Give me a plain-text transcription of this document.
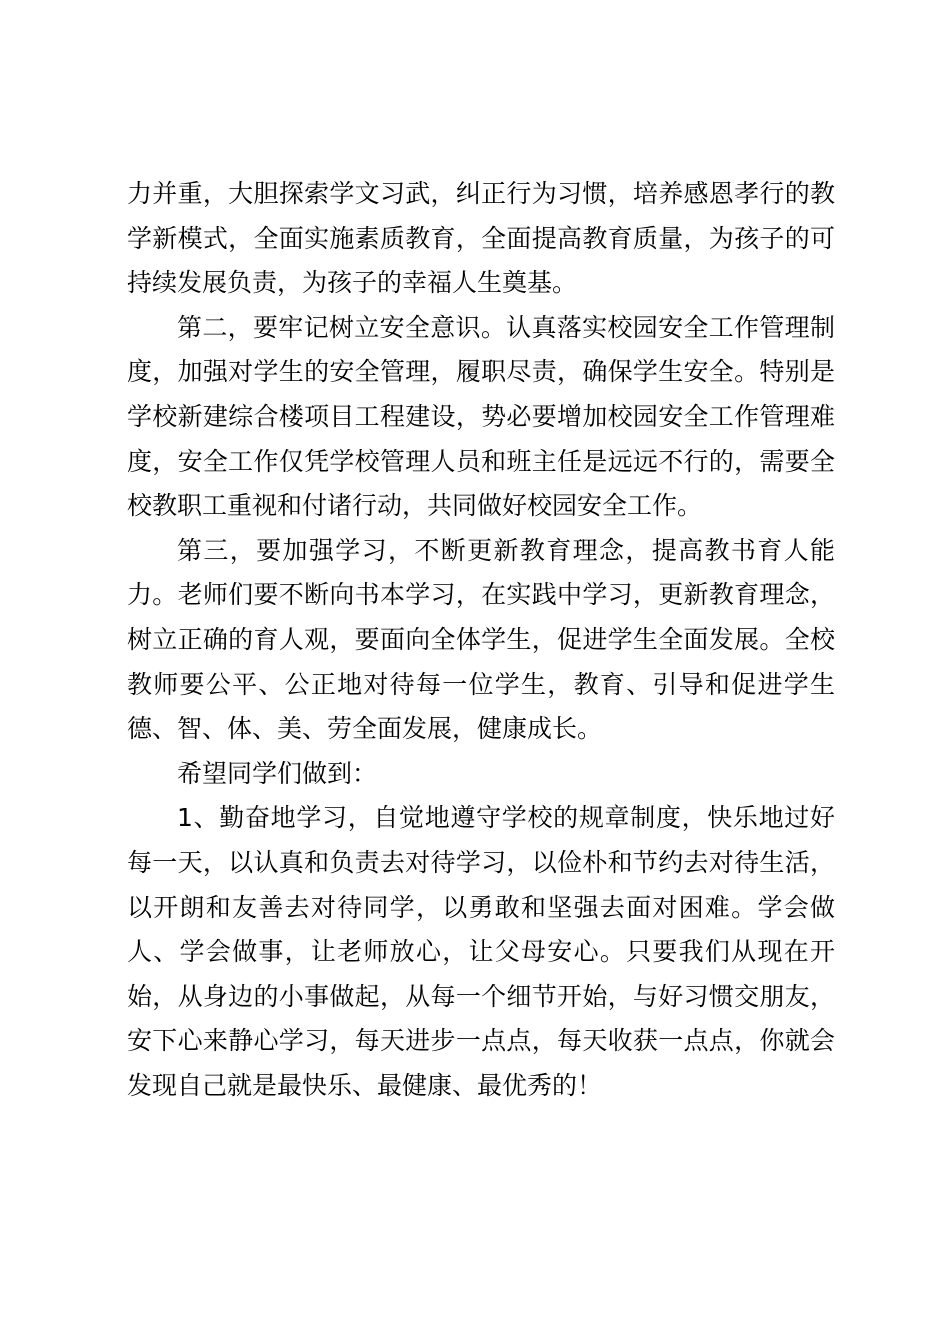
力并重，大胆探索学文习武，纠正行为习惯，培养感恩孝行的教学新模式，全面实施素质教育，全面提高教育质量，为孩子的可持续发展负责，为孩子的幸福人生奠基。

第二，要牢记树立安全意识。认真落实校园安全工作管理制度，加强对学生的安全管理，履职尽责，确保学生安全。特别是学校新建综合楼项目工程建设，势必要增加校园安全工作管理难度，安全工作仅凭学校管理人员和班主任是远远不行的，需要全校教职工重视和付诸行动，共同做好校园安全工作。

第三，要加强学习，不断更新教育理念，提高教书育人能力。老师们要不断向书本学习，在实践中学习，更新教育理念，树立正确的育人观，要面向全体学生，促进学生全面发展。全校教师要公平、公正地对待每一位学生，教育、引导和促进学生德、智、体、美、劳全面发展，健康成长。

希望同学们做到：

1、勤奋地学习，自觉地遵守学校的规章制度，快乐地过好每一天，以认真和负责去对待学习，以俭朴和节约去对待生活，以开朗和友善去对待同学，以勇敢和坚强去面对困难。学会做人、学会做事，让老师放心，让父母安心。只要我们从现在开始，从身边的小事做起，从每一个细节开始，与好习惯交朋友，安下心来静心学习，每天进步一点点，每天收获一点点，你就会发现自己就是最快乐、最健康、最优秀的！
